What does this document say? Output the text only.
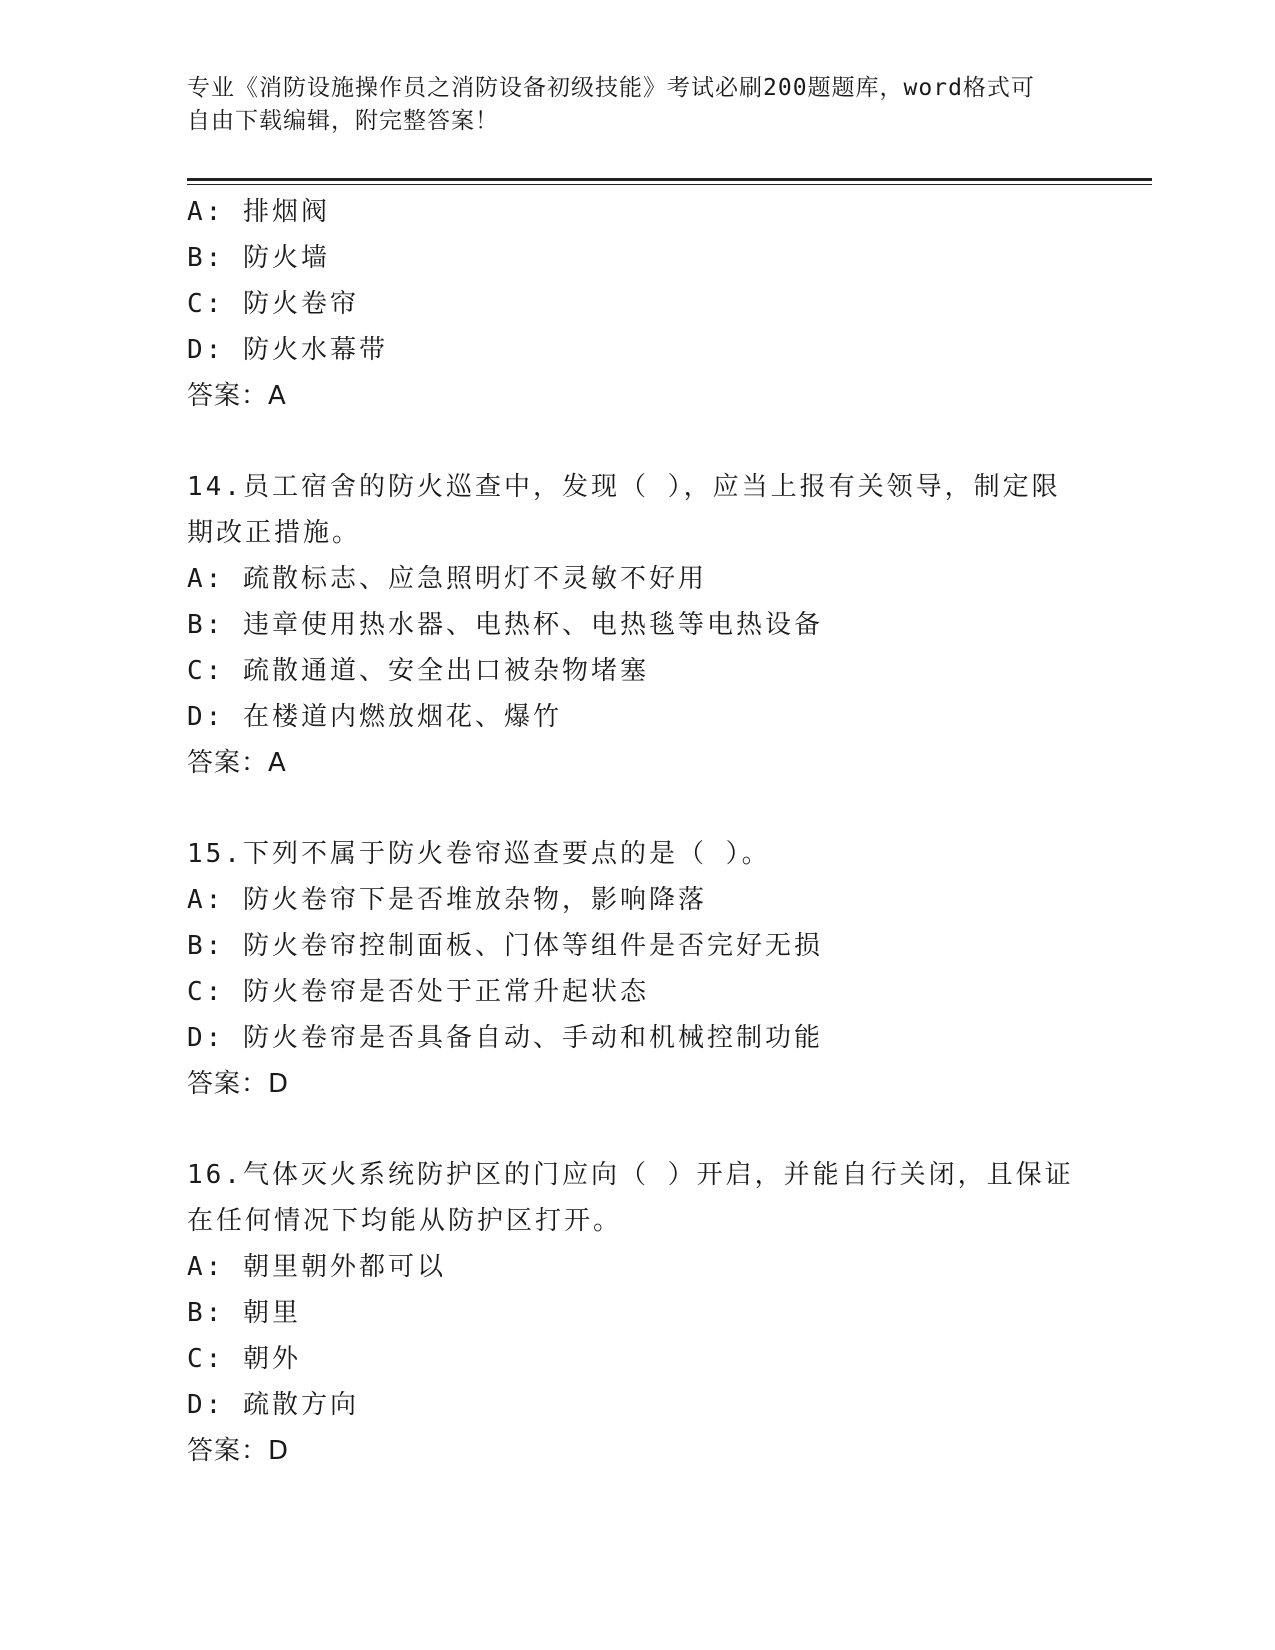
专业《消防设施操作员之消防设备初级技能》考试必刷200题题库，word格式可
自由下载编辑，附完整答案！
A: 排烟阀
B: 防火墙
C: 防火卷帘
D: 防火水幕带
答案：A
14.员工宿舍的防火巡查中，发现（ ），应当上报有关领导，制定限
期改正措施。
A: 疏散标志、应急照明灯不灵敏不好用
B: 违章使用热水器、电热杯、电热毯等电热设备
C: 疏散通道、安全出口被杂物堵塞
D: 在楼道内燃放烟花、爆竹
答案：A
15.下列不属于防火卷帘巡查要点的是（ ）。
A: 防火卷帘下是否堆放杂物，影响降落
B: 防火卷帘控制面板、门体等组件是否完好无损
C: 防火卷帘是否处于正常升起状态
D: 防火卷帘是否具备自动、手动和机械控制功能
答案：D
16.气体灭火系统防护区的门应向（ ）开启，并能自行关闭，且保证
在任何情况下均能从防护区打开。
A: 朝里朝外都可以
B: 朝里
C: 朝外
D: 疏散方向
答案：D
